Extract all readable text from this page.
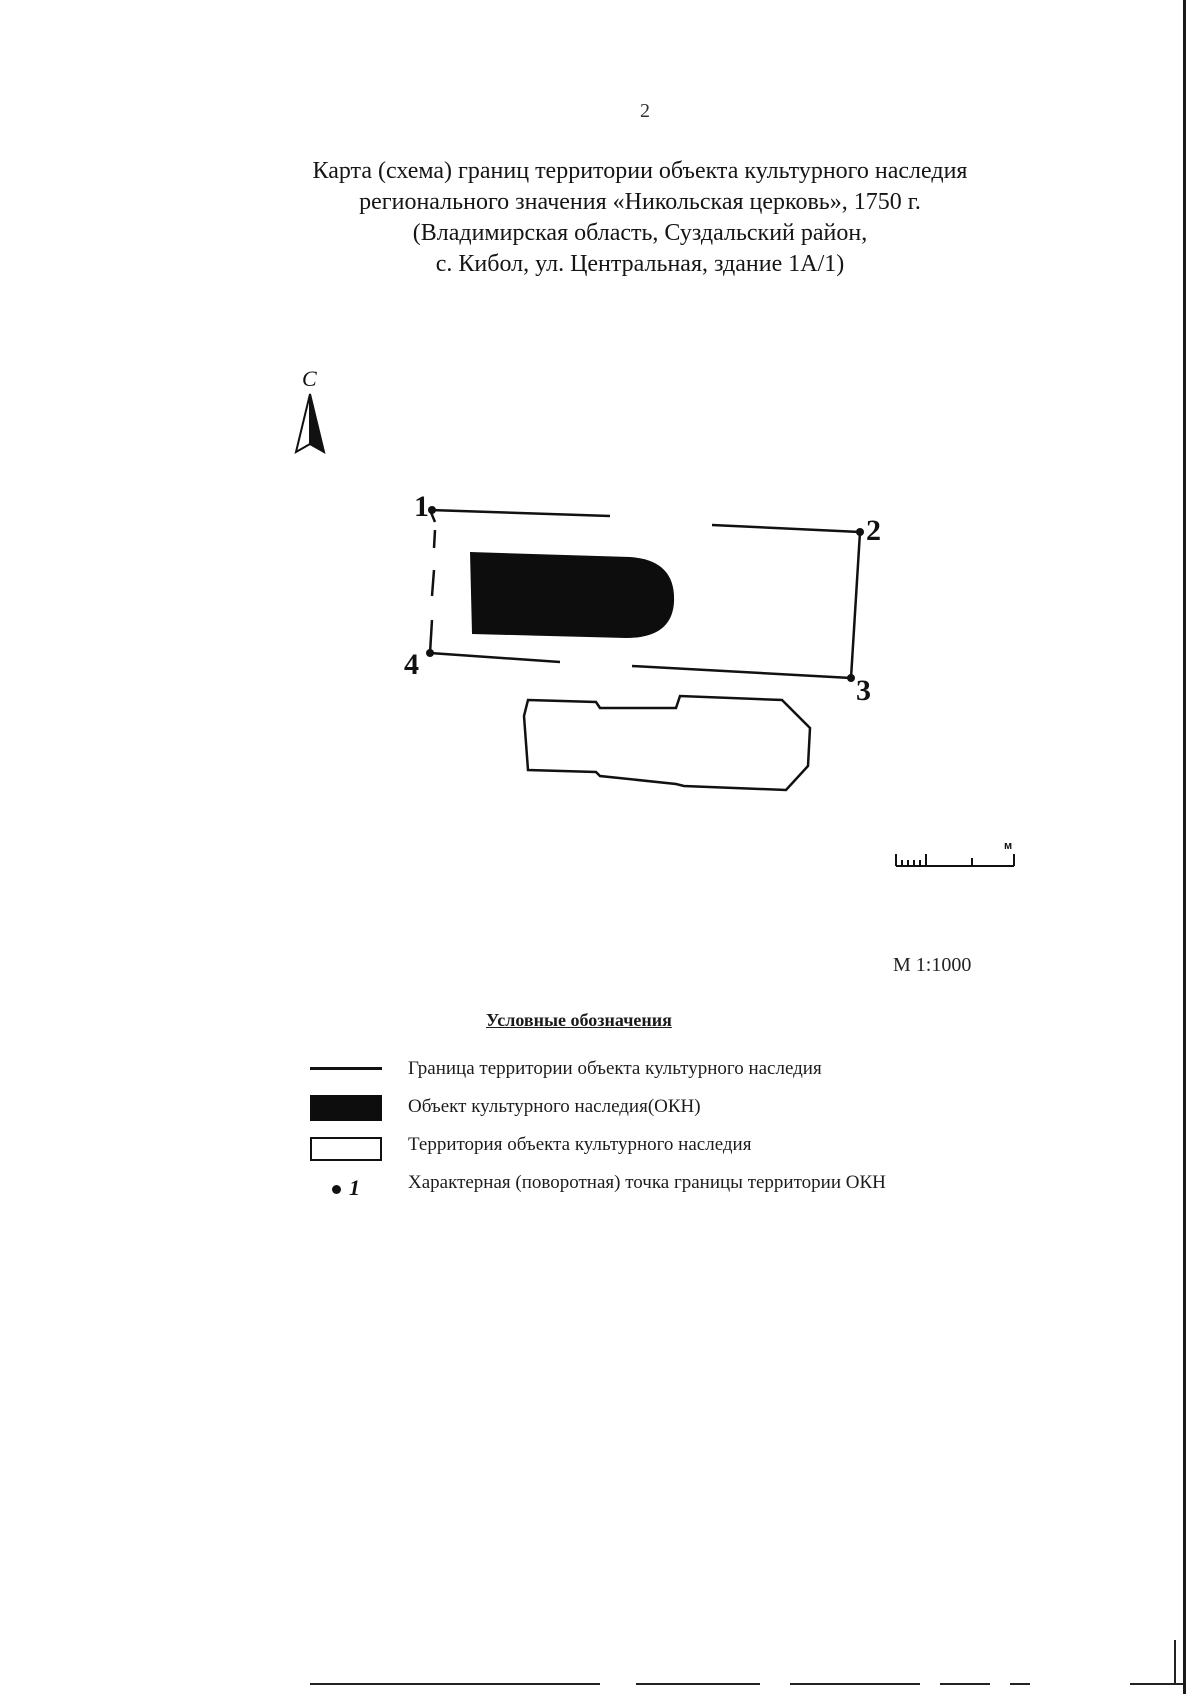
2
Карта (схема) границ территории объекта культурного наследия
регионального значения «Никольская церковь», 1750 г.
(Владимирская область, Суздальский район,
с. Кибол, ул. Центральная, здание 1А/1)
С
1
2
3
4
м
М 1:1000
Условные обозначения
Граница территории объекта культурного наследия
Объект культурного наследия(ОКН)
Территория объекта культурного наследия
1	Характерная (поворотная) точка границы территории ОКН
